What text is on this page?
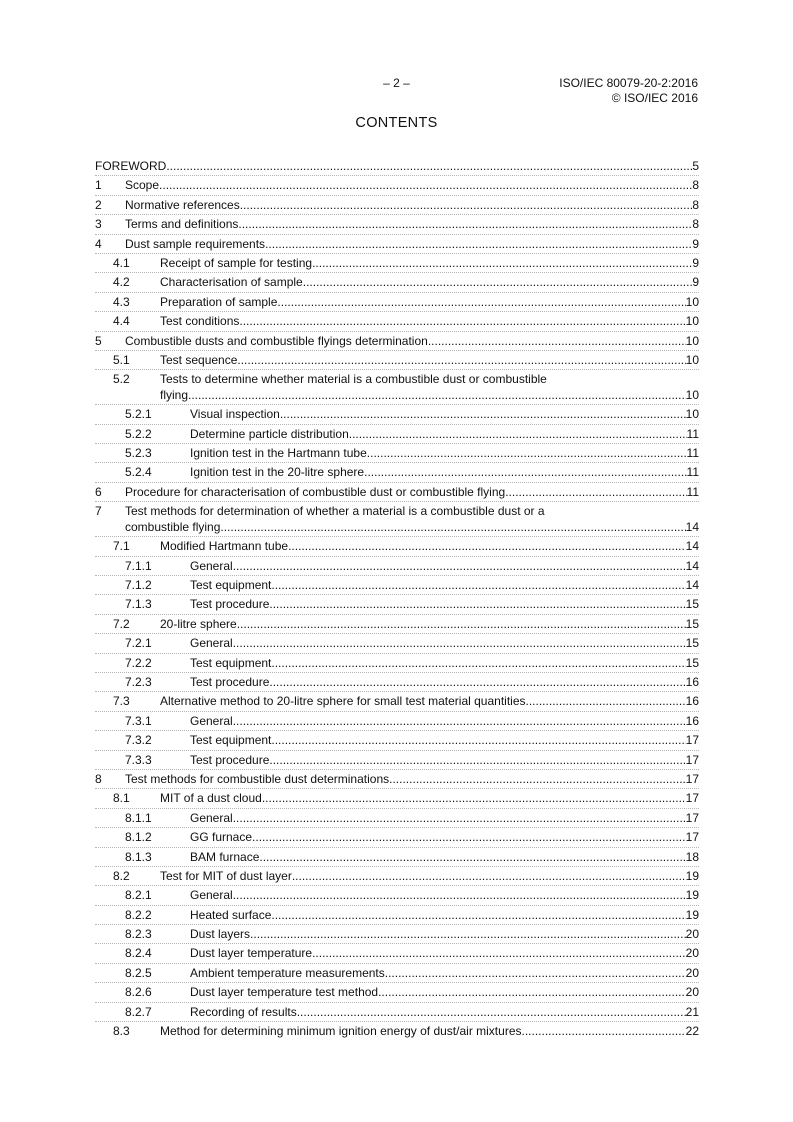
– 2 –	ISO/IEC 80079-20-2:2016
© ISO/IEC 2016
CONTENTS
FOREWORD .....	5
1 Scope .....	8
2 Normative references .....	8
3 Terms and definitions .....	8
4 Dust sample requirements .....	9
4.1	Receipt of sample for testing .....	9
4.2	Characterisation of sample .....	9
4.3	Preparation of sample .....	10
4.4	Test conditions .....	10
5 Combustible dusts and combustible flyings determination .....	10
5.1	Test sequence .....	10
5.2	Tests to determine whether material is a combustible dust or combustible
flying .....	10
5.2.1	Visual inspection .....	10
5.2.2	Determine particle distribution .....	11
5.2.3	Ignition test in the Hartmann tube .....	11
5.2.4	Ignition test in the 20-litre sphere .....	11
6 Procedure for characterisation of combustible dust or combustible flying .....	11
7 Test methods for determination of whether a material is a combustible dust or a
combustible flying .....	14
7.1	Modified Hartmann tube .....	14
7.1.1	General .....	14
7.1.2	Test equipment .....	14
7.1.3	Test procedure .....	15
7.2	20-litre sphere .....	15
7.2.1	General .....	15
7.2.2	Test equipment .....	15
7.2.3	Test procedure .....	16
7.3	Alternative method to 20-litre sphere for small test material quantities .....	16
7.3.1	General .....	16
7.3.2	Test equipment .....	17
7.3.3	Test procedure .....	17
8 Test methods for combustible dust determinations .....	17
8.1	MIT of a dust cloud .....	17
8.1.1	General .....	17
8.1.2	GG furnace .....	17
8.1.3	BAM furnace .....	18
8.2	Test for MIT of dust layer .....	19
8.2.1	General .....	19
8.2.2	Heated surface .....	19
8.2.3	Dust layers .....	20
8.2.4	Dust layer temperature .....	20
8.2.5	Ambient temperature measurements .....	20
8.2.6	Dust layer temperature test method .....	20
8.2.7	Recording of results .....	21
8.3	Method for determining minimum ignition energy of dust/air mixtures .....	22
